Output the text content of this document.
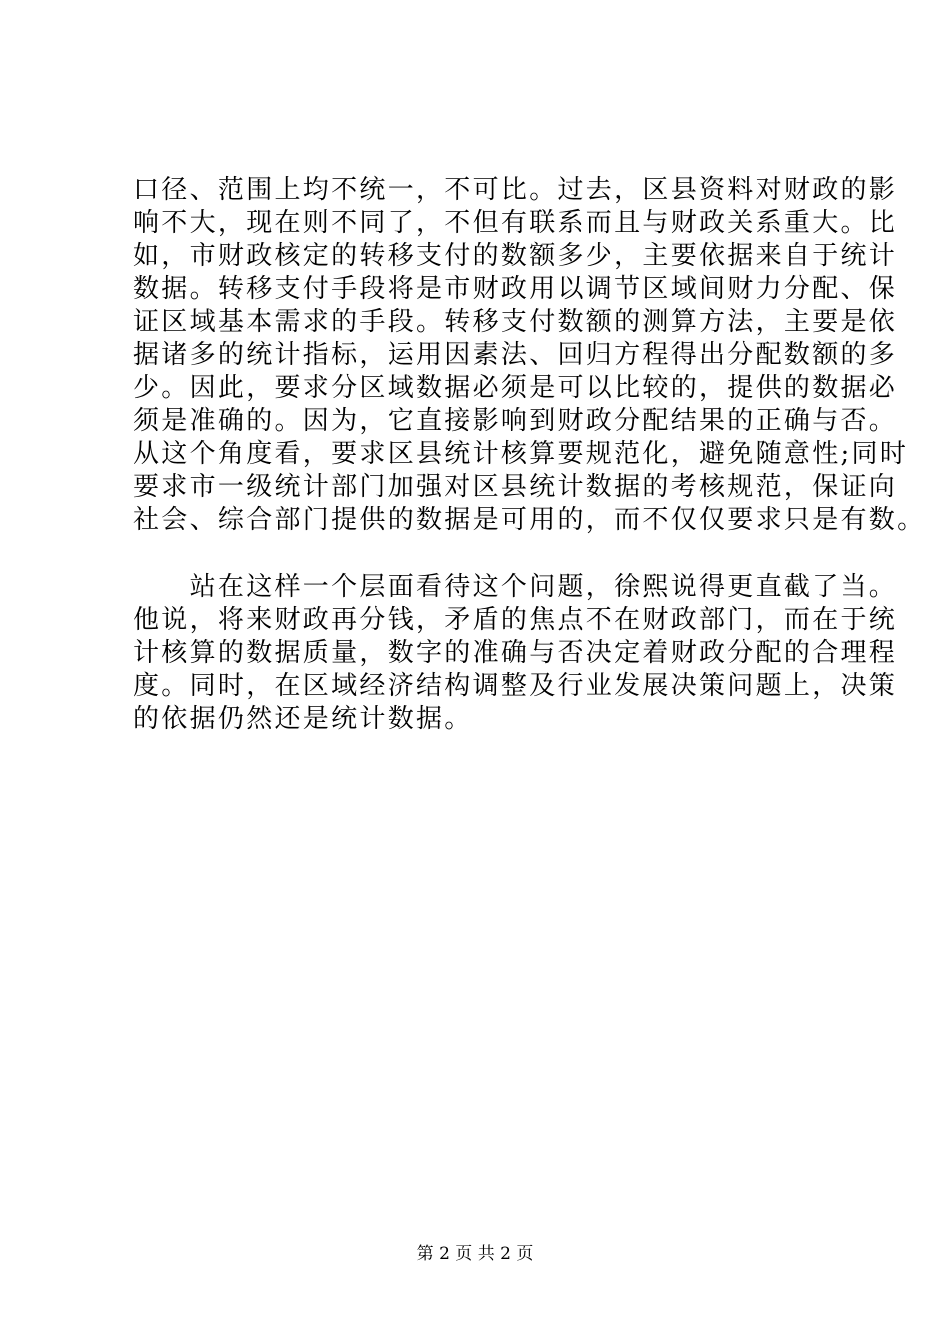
口径、范围上均不统一，不可比。过去，区县资料对财政的影
响不大，现在则不同了，不但有联系而且与财政关系重大。比
如，市财政核定的转移支付的数额多少，主要依据来自于统计
数据。转移支付手段将是市财政用以调节区域间财力分配、保
证区域基本需求的手段。转移支付数额的测算方法，主要是依
据诸多的统计指标，运用因素法、回归方程得出分配数额的多
少。因此，要求分区域数据必须是可以比较的，提供的数据必
须是准确的。因为，它直接影响到财政分配结果的正确与否。
从这个角度看，要求区县统计核算要规范化，避免随意性;同时
要求市一级统计部门加强对区县统计数据的考核规范，保证向
社会、综合部门提供的数据是可用的，而不仅仅要求只是有数。
　　站在这样一个层面看待这个问题，徐熙说得更直截了当。
他说，将来财政再分钱，矛盾的焦点不在财政部门，而在于统
计核算的数据质量，数字的准确与否决定着财政分配的合理程
度。同时，在区域经济结构调整及行业发展决策问题上，决策
的依据仍然还是统计数据。
第 2 页 共 2 页
